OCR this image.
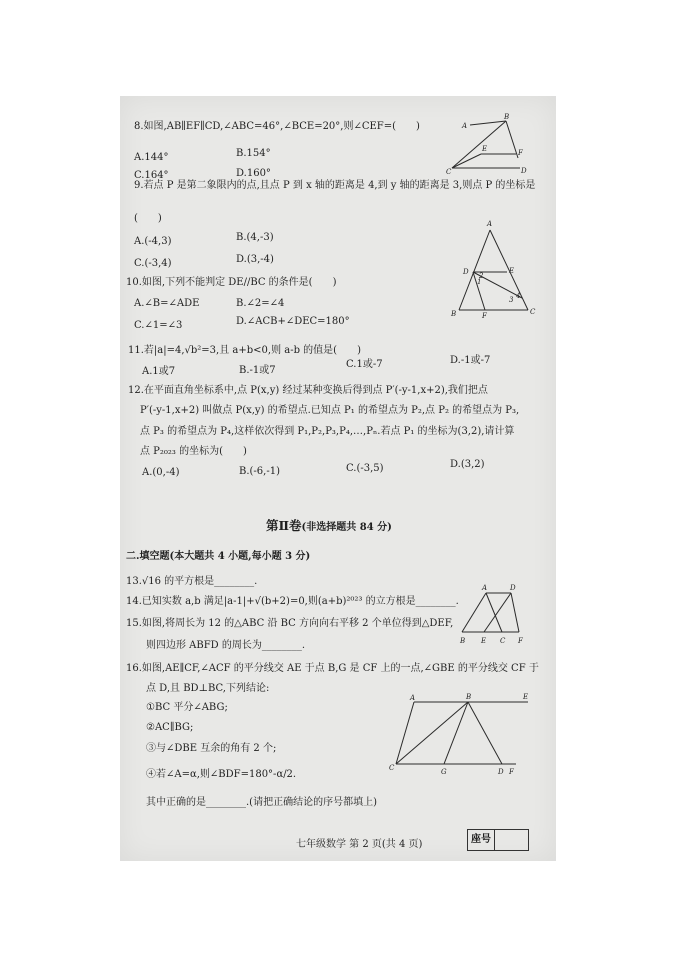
8.如图,AB∥EF∥CD,∠ABC=46°,∠BCE=20°,则∠CEF=(　　)
A.144°	B.154°
C.164°	D.160°
A
B
E	F
C	D
9.若点 P 是第二象限内的点,且点 P 到 x 轴的距离是 4,到 y 轴的距离是 3,则点 P 的坐标是
(　　)
A.(-4,3)	B.(4,-3)
C.(-3,4)	D.(3,-4)
A
D	E
B	F	C
1
2
3 4
10.如图,下列不能判定 DE//BC 的条件是(　　)
A.∠B=∠ADE	B.∠2=∠4
C.∠1=∠3	D.∠ACB+∠DEC=180°
11.若|a|=4,√b²=3,且 a+b<0,则 a-b 的值是(　　)
A.1或7	B.-1或7
C.1或-7	D.-1或-7
12.在平面直角坐标系中,点 P(x,y) 经过某种变换后得到点 P′(-y-1,x+2),我们把点
P′(-y-1,x+2) 叫做点 P(x,y) 的希望点.已知点 P₁ 的希望点为 P₂,点 P₂ 的希望点为 P₃,
点 P₃ 的希望点为 P₄,这样依次得到 P₁,P₂,P₃,P₄,…,Pₙ.若点 P₁ 的坐标为(3,2),请计算
点 P₂₀₂₃ 的坐标为(　　)
A.(0,-4)	B.(-6,-1)	C.(-3,5)	D.(3,2)
第Ⅱ卷(非选择题共 84 分)
二.填空题(本大题共 4 小题,每小题 3 分)
13.√16 的平方根是________.
14.已知实数 a,b 满足|a-1|+√(b+2)=0,则(a+b)²⁰²³ 的立方根是________.
15.如图,将周长为 12 的△ABC 沿 BC 方向向右平移 2 个单位得到△DEF,
则四边形 ABFD 的周长为________.
A	D
B E C F
16.如图,AE∥CF,∠ACF 的平分线交 AE 于点 B,G 是 CF 上的一点,∠GBE 的平分线交 CF 于
点 D,且 BD⊥BC,下列结论:
①BC 平分∠ABG;
②AC∥BG;
③与∠DBE 互余的角有 2 个;
④若∠A=α,则∠BDF=180°-α/2.
其中正确的是________.(请把正确结论的序号都填上)
A	B	E
C	G	D F
七年级数学 第 2 页(共 4 页)	座号
